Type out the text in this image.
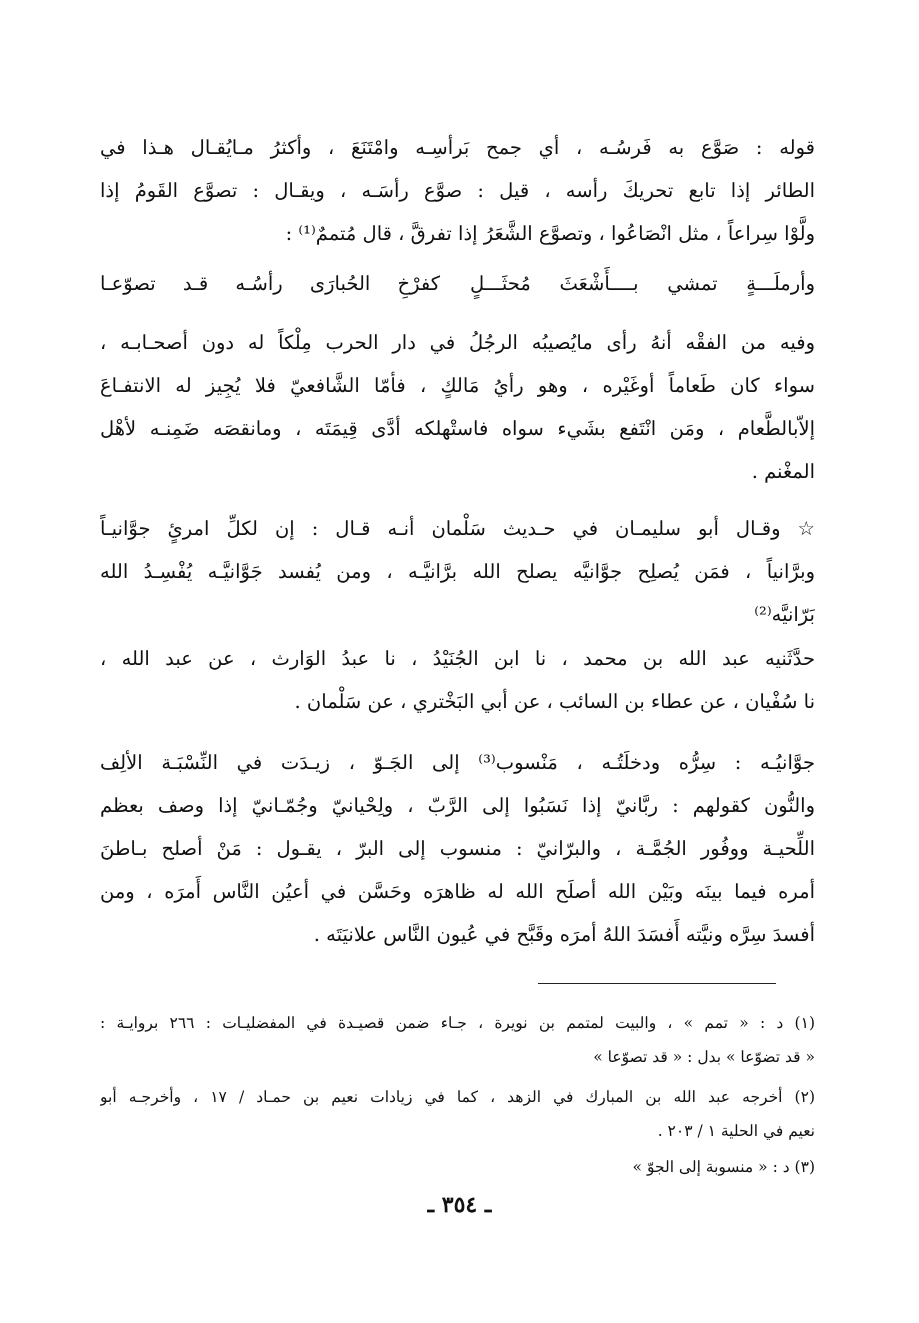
قوله : صَوَّع به فَرسُـه ، أي جمح بَرأسِـه وامْتَنَعَ ، وأكثرُ مـايُقـال هـذا في
الطائر إذا تابع تحريكَ رأسه ، قيل : صوَّع رأسَـه ، ويقـال : تصوَّع القَومُ إذا
ولَّوْا سِراعاً ، مثل انْصَاعُوا ، وتصوَّع الشَّعَرُ إذا تفرقَّ ، قال مُتممٌ⁽¹⁾ :
وأرملَـــةٍ تمشي بــــأَشْعَثَ مُحثَـــلٍ
كفرْخِ الحُبارَى رأسُـه قـد تصوّعـا
وفيه من الفقْه أنهُ رأى مايُصيبُه الرجُلُ في دار الحرب مِلْكاً له دون أصحـابـه ،
سواء كان طَعاماً أوغَيْره ، وهو رأيُ مَالكٍ ، فأمّا الشَّافعيّ فلا يُجِيز له الانتفـاعَ
إلاّبالطَّعام ، ومَن انْتَفع بشَيء سواه فاستْهلكه أدَّى قِيمَتَه ، ومانقصَه ضَمِنـه لأهْل
المغْنم .
☆ وقـال أبو سليمـان في حـديث سَلْمان أنـه قـال : إن لكلِّ امرئٍ جوَّانيـاً
وبرَّانياً ، فمَن يُصلِح جوَّانيَّه يصلح الله برَّانيَّـه ، ومن يُفسد جَوَّانيَّـه يُفْسِـدُ الله
بَرّانيَّه⁽²⁾
حدَّثَنيه عبد الله بن محمد ، نا ابن الجُنَيْدُ ، نا عبدُ الوَارث ، عن عبد الله ،
نا سُفْيان ، عن عطاء بن السائب ، عن أبي البَخْتري ، عن سَلْمان .
جوَّانيُـه : سِرُّه ودخلَتُـه ، مَنْسوب⁽³⁾ إلى الجَـوّ ، زيـدَت في النِّسْبَـة الألِف
والنُّون كقولهم : ربَّانيّ إذا نَسَبُوا إلى الرَّبّ ، ولِحْيانيّ وجُمّـانيّ إذا وصف بعظم
اللِّحيـة ووفُور الجُمَّـة ، والبرّانيّ : منسوب إلى البرّ ، يقـول : مَنْ أصلح بـاطنَ
أمره فيما بينَه وبَيْن الله أصلَح الله له ظاهرَه وحَسَّن في أعيُن النَّاس أَمرَه ، ومن
أفسدَ سِرَّه ونيَّته أَفسَدَ اللهُ أمرَه وقَبَّح في عُيون النَّاس علانيَتَه .
(١) د : « تمم » ، والبيت لمتمم بن نويرة ، جـاء ضمن قصيـدة في المفضليـات : ٢٦٦ بروايـة :
« قد تضوّعا » بدل : « قد تصوّعا »
(٢) أخرجه عبد الله بن المبارك في الزهد ، كما في زيادات نعيم بن حمـاد / ١٧ ، وأخرجـه أبو
نعيم في الحلية ١ / ٢٠٣ .
(٣) د : « منسوبة إلى الجوّ »
ـ ٣٥٤ ـ
